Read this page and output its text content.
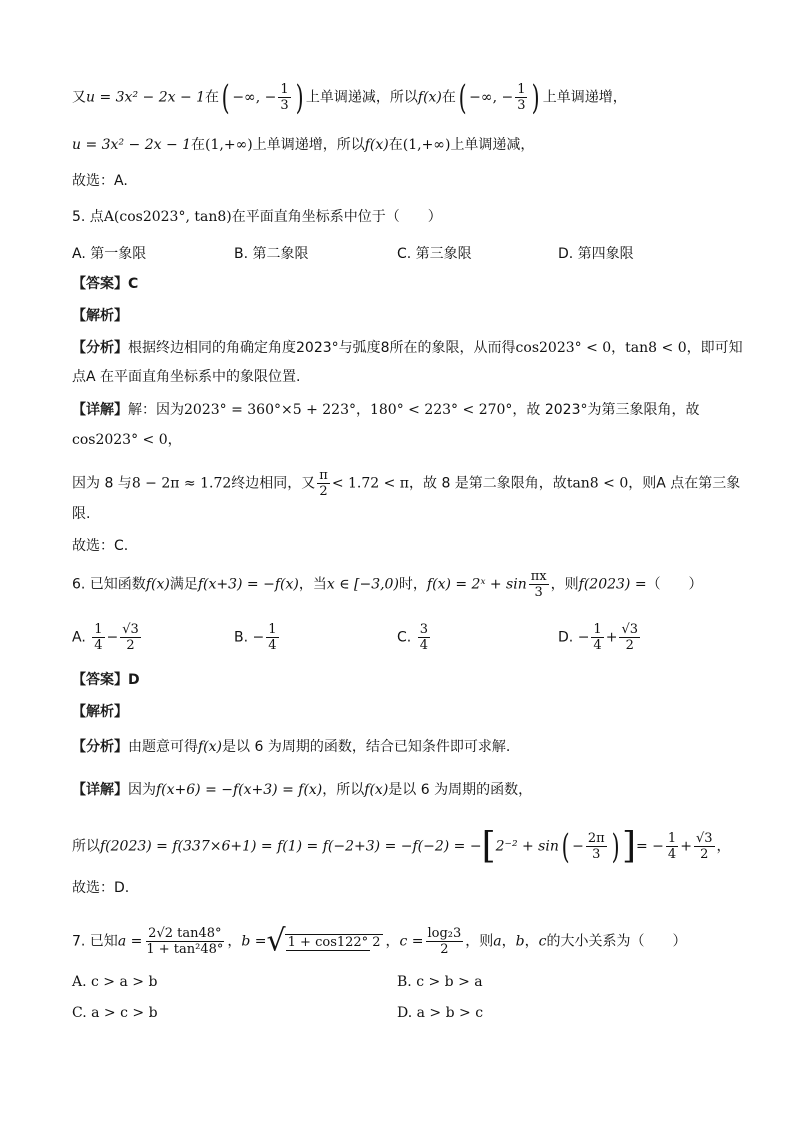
又u = 3x² − 2x − 1在( −∞, − $\frac{1}{3}$ ) 上单调递减，所以f(x)在( −∞, − $\frac{1}{3}$ ) 上单调递增，
u = 3x² − 2x − 1在(1,+∞)上单调递增，所以f(x)在(1,+∞)上单调递减，
故选：A.
5. 点A(cos2023°, tan8)在平面直角坐标系中位于（　　）
A. 第一象限	B. 第二象限	C. 第三象限	D. 第四象限
【答案】C
【解析】
【分析】根据终边相同的角确定角度2023°与弧度8所在的象限，从而得cos2023° < 0，tan8 < 0，即可知
点A 在平面直角坐标系中的象限位置.
【详解】解：因为2023° = 360°×5 + 223°，180° < 223° < 270°，故 2023°为第三象限角，故
cos2023° < 0，
因为 8 与8 − 2π ≈ 1.72终边相同，又 $\frac{\pi}{2} < 1.72 < \pi$，故 8 是第二象限角，故tan8 < 0，则A 点在第三象
限.
故选：C.
6. 已知函数f(x)满足f(x+3) = −f(x)，当x ∈ [−3,0)时，f(x) = 2ˣ + $\sin \frac{\pi x}{3}$ ，则f(2023) =（　　）
A. $\frac{1}{4} - \frac{√3}{2}$	B. − $\frac{1}{4}$	C. $\frac{3}{4}$	D. − $\frac{1}{4} + \frac{√3}{2}$
【答案】D
【解析】
【分析】由题意可得f(x)是以 6 为周期的函数，结合已知条件即可求解.
【详解】因为f(x+6) = −f(x+3) = f(x)，所以f(x)是以 6 为周期的函数，
所以$f(2023) = f(337\times 6+1) = f(1) = f(-2+3) = -f(-2) = -[2^{-2} + \sin( - \frac{2\pi}{3}$ )]= − $\frac{1}{4} + \frac{√3}{2}$ ，
故选：D.
7. 已知$a = \frac{2√2 \tan 48^\circ}{\text{1 + tan²48°}}$ ，b =√ 1 + cos122° 2 ，$c = \frac{\text{log₂3}}{2}$ ，则a，b，c的大小关系为（　　）
A. c > a > b	B. c > b > a
C. a > c > b	D. a > b > c
